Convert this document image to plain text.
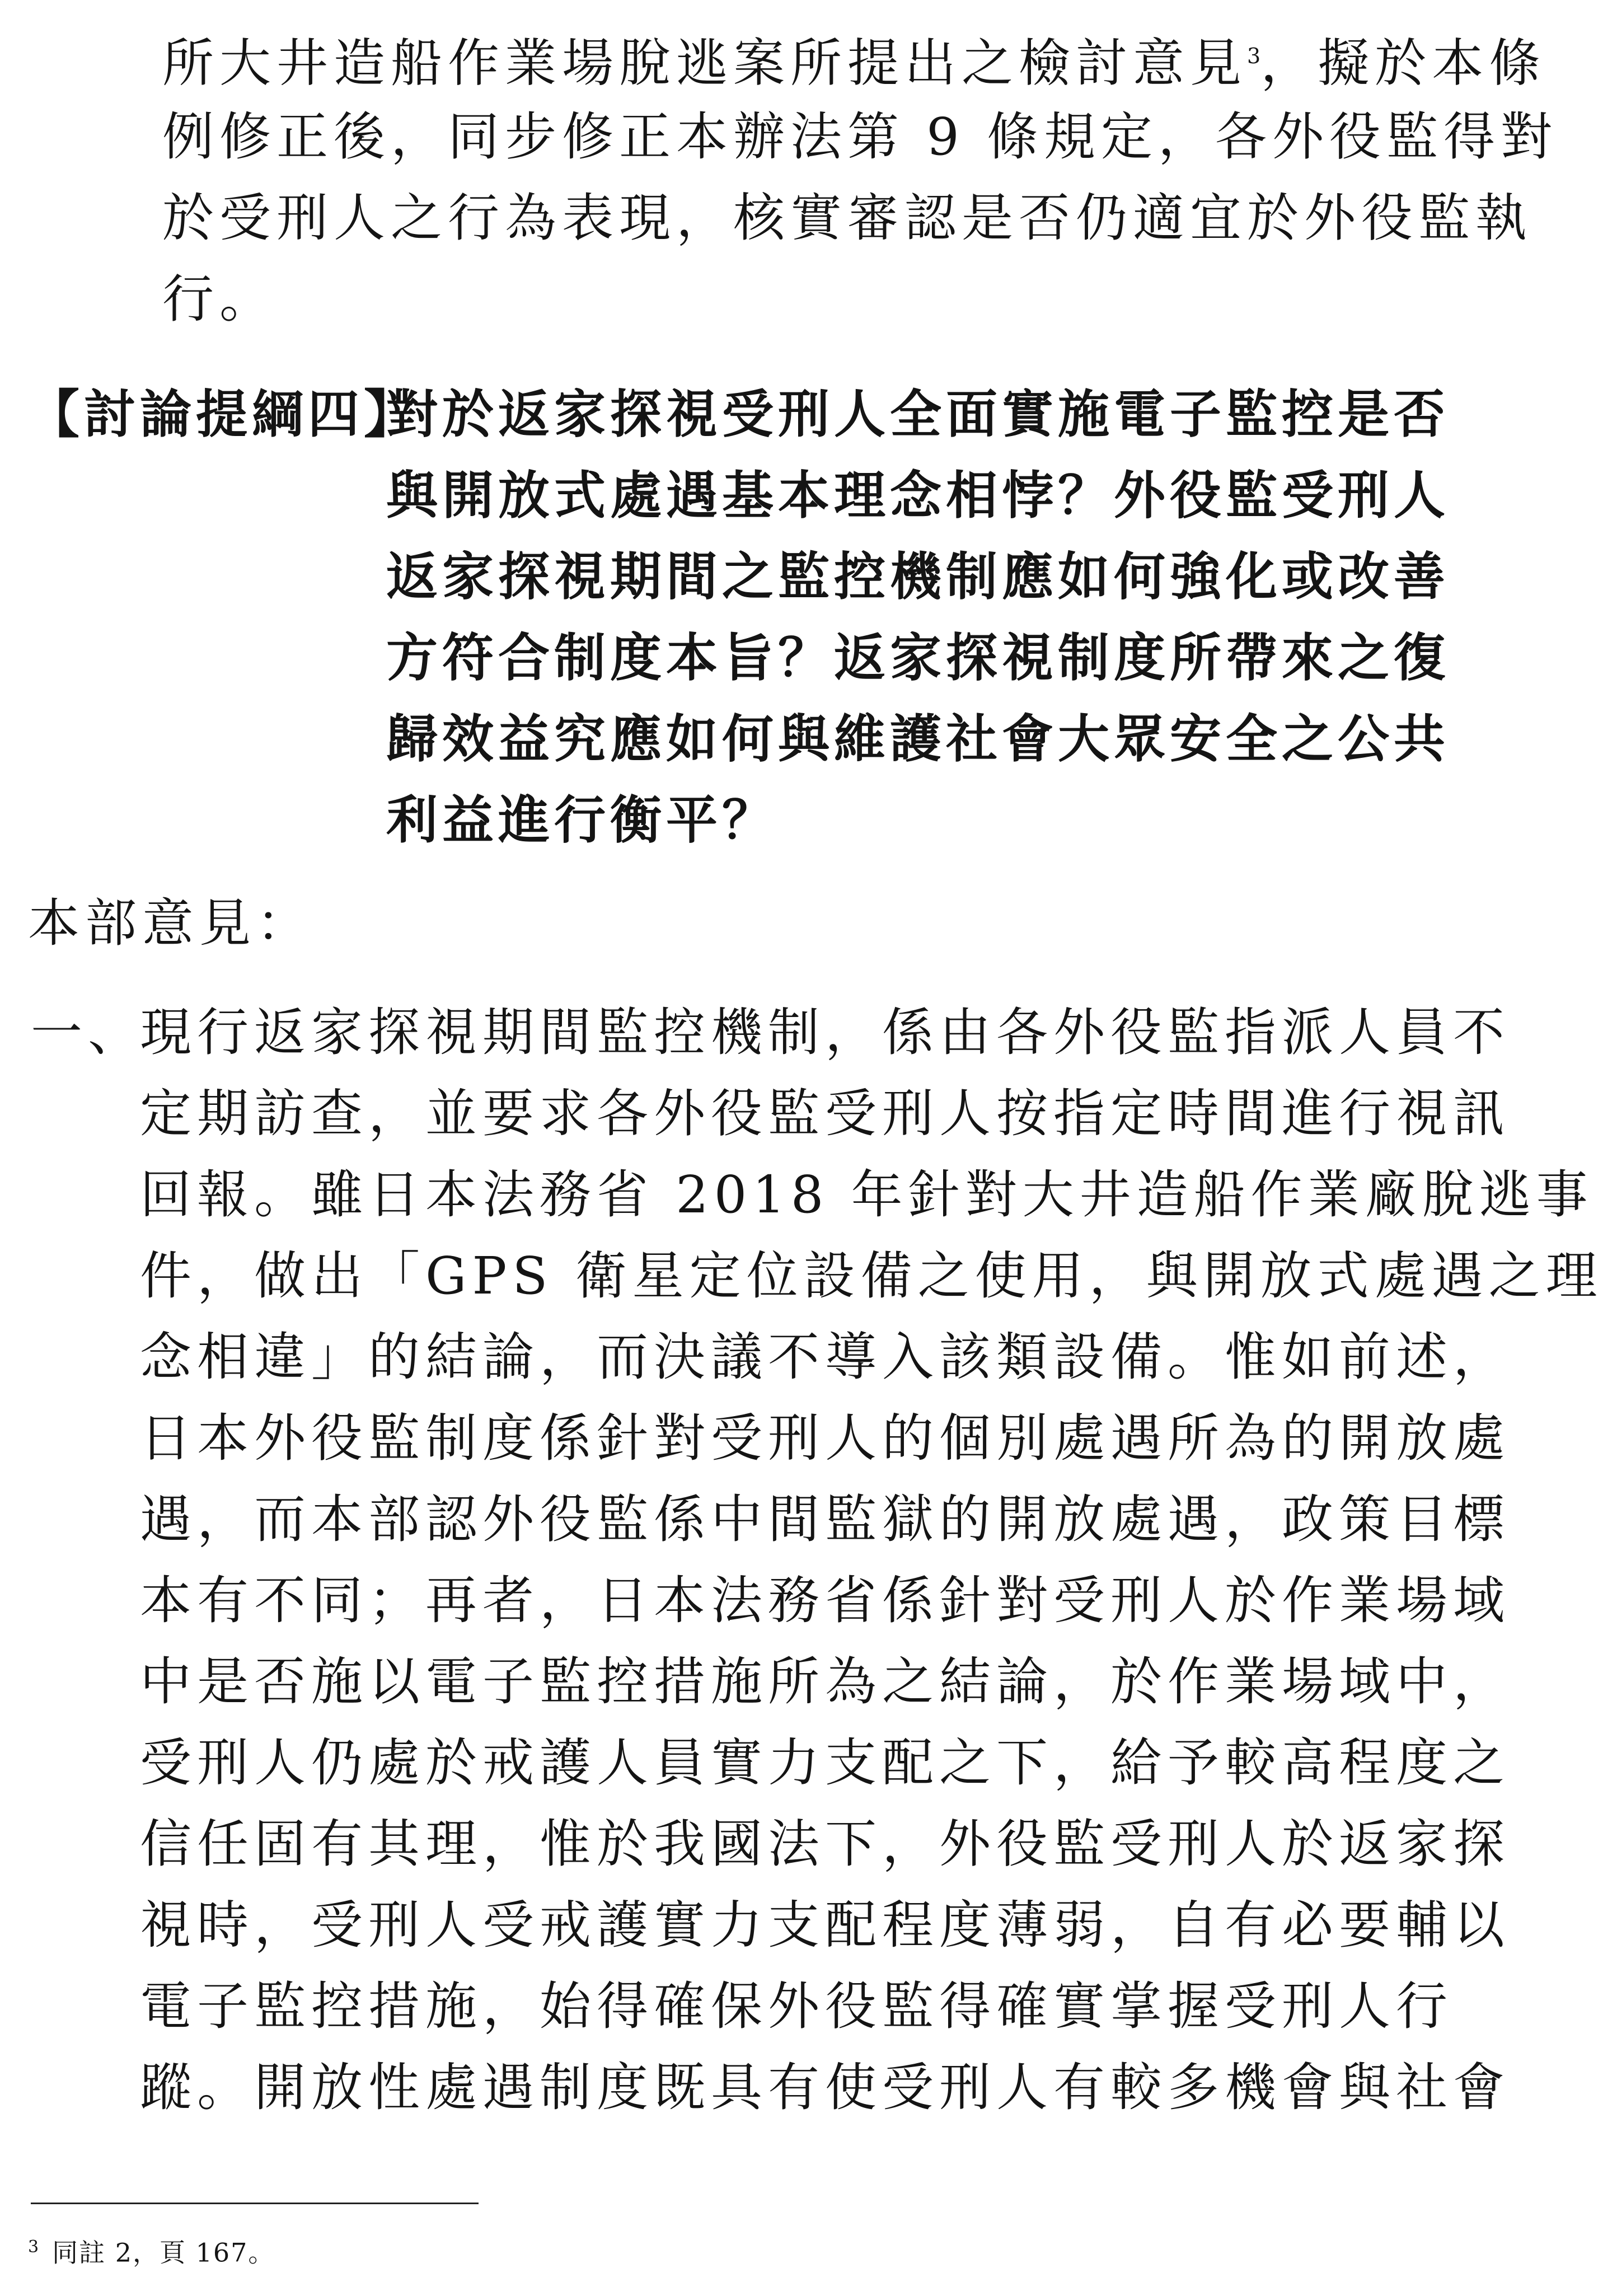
所大井造船作業場脫逃案所提出之檢討意見$^3$，擬於本條
例修正後，同步修正本辦法第 9 條規定，各外役監得對
於受刑人之行為表現，核實審認是否仍適宜於外役監執
行。
【討論提綱四】
對於返家探視受刑人全面實施電子監控是否
與開放式處遇基本理念相悖？外役監受刑人
返家探視期間之監控機制應如何強化或改善
方符合制度本旨？返家探視制度所帶來之復
歸效益究應如何與維護社會大眾安全之公共
利益進行衡平？
本部意見：
一、
現行返家探視期間監控機制，係由各外役監指派人員不
定期訪查，並要求各外役監受刑人按指定時間進行視訊
回報。雖日本法務省 2018 年針對大井造船作業廠脫逃事
件，做出「GPS 衛星定位設備之使用，與開放式處遇之理
念相違」的結論，而決議不導入該類設備。惟如前述，
日本外役監制度係針對受刑人的個別處遇所為的開放處
遇，而本部認外役監係中間監獄的開放處遇，政策目標
本有不同；再者，日本法務省係針對受刑人於作業場域
中是否施以電子監控措施所為之結論，於作業場域中，
受刑人仍處於戒護人員實力支配之下，給予較高程度之
信任固有其理，惟於我國法下，外役監受刑人於返家探
視時，受刑人受戒護實力支配程度薄弱，自有必要輔以
電子監控措施，始得確保外役監得確實掌握受刑人行
蹤。開放性處遇制度既具有使受刑人有較多機會與社會
$^3$ 同註 2，頁 167。
